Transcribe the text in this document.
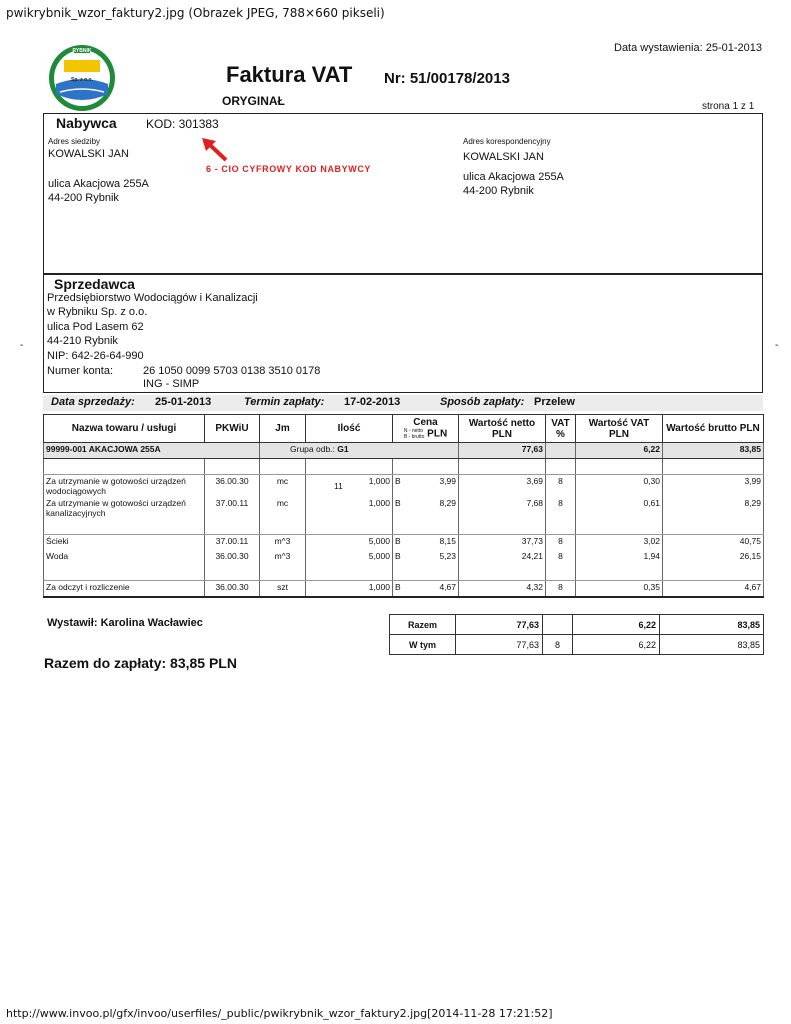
pwikrybnik_wzor_faktury2.jpg (Obrazek JPEG, 788×660 pikseli)
RYBNIK
Sp. z o.o.
Data wystawienia: 25-01-2013
Faktura VAT Nr: 51/00178/2013
ORYGINAŁ	strona 1 z 1
Nabywca KOD: 301383
6 - CIO CYFROWY KOD NABYWCY
Adres siedziby
KOWALSKI JAN
ulica Akacjowa 255A
44-200 Rybnik
Adres korespondencyjny
KOWALSKI JAN
ulica Akacjowa 255A
44-200 Rybnik
Sprzedawca
Przedsiębiorstwo Wodociągów i Kanalizacji
w Rybniku Sp. z o.o.
ulica Pod Lasem 62
44-210 Rybnik
NIP: 642-26-64-990
Numer konta:	26 1050 0099 5703 0138 3510 0178
ING - SIMP
-	-
Data sprzedaży: 25-01-2013	Termin zapłaty: 17-02-2013	Sposób zapłaty: Przelew
Nazwa towaru / usługi	PKWiU	Jm	Ilość	Cena
N - netto
B - brutto PLN	Wartość netto PLN	VAT %	Wartość VAT PLN	Wartość brutto PLN
99999-001 AKACJOWA 255A		Grupa odb.: G1			77,63		6,22	83,85

Za utrzymanie w gotowości urządzeń wodociągowych	36.00.30	mc	11 1,000	B 3,99	3,69	8	0,30	3,99
Za utrzymanie w gotowości urządzeń kanalizacyjnych	37.00.11	mc	1,000	B 8,29	7,68	8	0,61	8,29

Ścieki	37.00.11	m^3	5,000	B 8,15	37,73	8	3,02	40,75
Woda	36.00.30	m^3	5,000	B 5,23	24,21	8	1,94	26,15

Za odczyt i rozliczenie	36.00.30	szt	1,000	B 4,67	4,32	8	0,35	4,67
Wystawił: Karolina Wacławiec	Razem	77,63		6,22	83,85
W tym	77,63	8	6,22	83,85
Razem do zapłaty: 83,85 PLN
http://www.invoo.pl/gfx/invoo/userfiles/_public/pwikrybnik_wzor_faktury2.jpg[2014-11-28 17:21:52]
